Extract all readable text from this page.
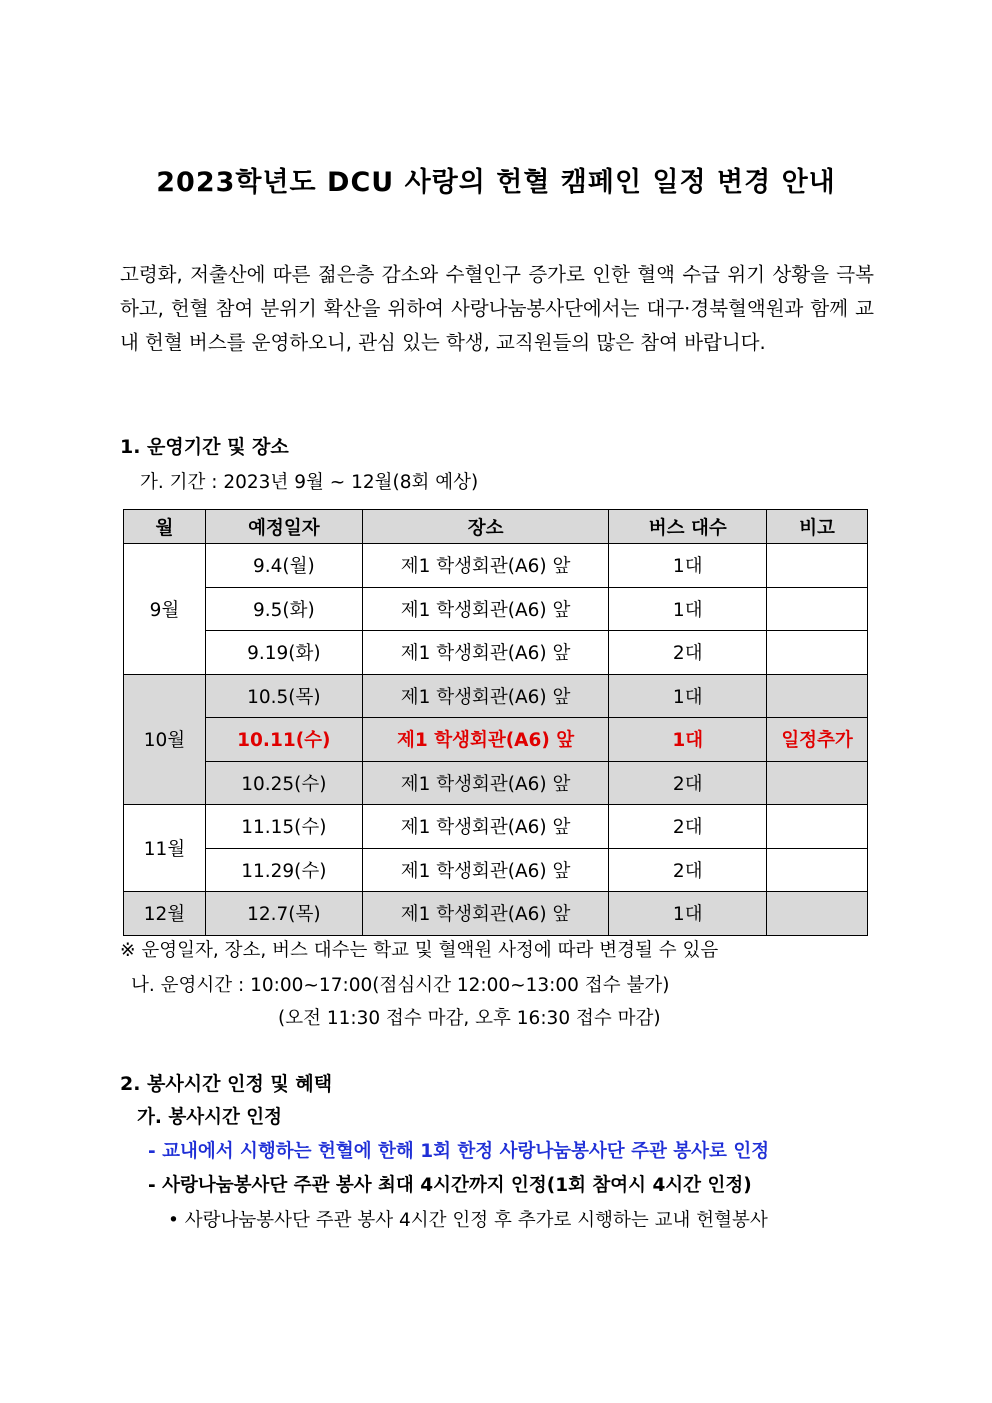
2023학년도 DCU 사랑의 헌혈 캠페인 일정 변경 안내
고령화, 저출산에 따른 젊은층 감소와 수혈인구 증가로 인한 혈액 수급 위기 상황을 극복하고, 헌혈 참여 분위기 확산을 위하여 사랑나눔봉사단에서는 대구·경북혈액원과 함께 교내 헌혈 버스를 운영하오니, 관심 있는 학생, 교직원들의 많은 참여 바랍니다.
1. 운영기간 및 장소
가. 기간 : 2023년 9월 ~ 12월(8회 예상)
월	예정일자	장소	버스 대수	비고
9월	9.4(월)	제1 학생회관(A6) 앞	1대	
	9.5(화)	제1 학생회관(A6) 앞	1대	
	9.19(화)	제1 학생회관(A6) 앞	2대	
10월	10.5(목)	제1 학생회관(A6) 앞	1대	
	10.11(수)	제1 학생회관(A6) 앞	1대	일정추가
	10.25(수)	제1 학생회관(A6) 앞	2대	
11월	11.15(수)	제1 학생회관(A6) 앞	2대	
	11.29(수)	제1 학생회관(A6) 앞	2대	
12월	12.7(목)	제1 학생회관(A6) 앞	1대	
※ 운영일자, 장소, 버스 대수는 학교 및 혈액원 사정에 따라 변경될 수 있음
나. 운영시간 : 10:00~17:00(점심시간 12:00~13:00 접수 불가)
(오전 11:30 접수 마감, 오후 16:30 접수 마감)
2. 봉사시간 인정 및 혜택
가. 봉사시간 인정
- 교내에서 시행하는 헌혈에 한해 1회 한정 사랑나눔봉사단 주관 봉사로 인정
- 사랑나눔봉사단 주관 봉사 최대 4시간까지 인정(1회 참여시 4시간 인정)
• 사랑나눔봉사단 주관 봉사 4시간 인정 후 추가로 시행하는 교내 헌혈봉사
